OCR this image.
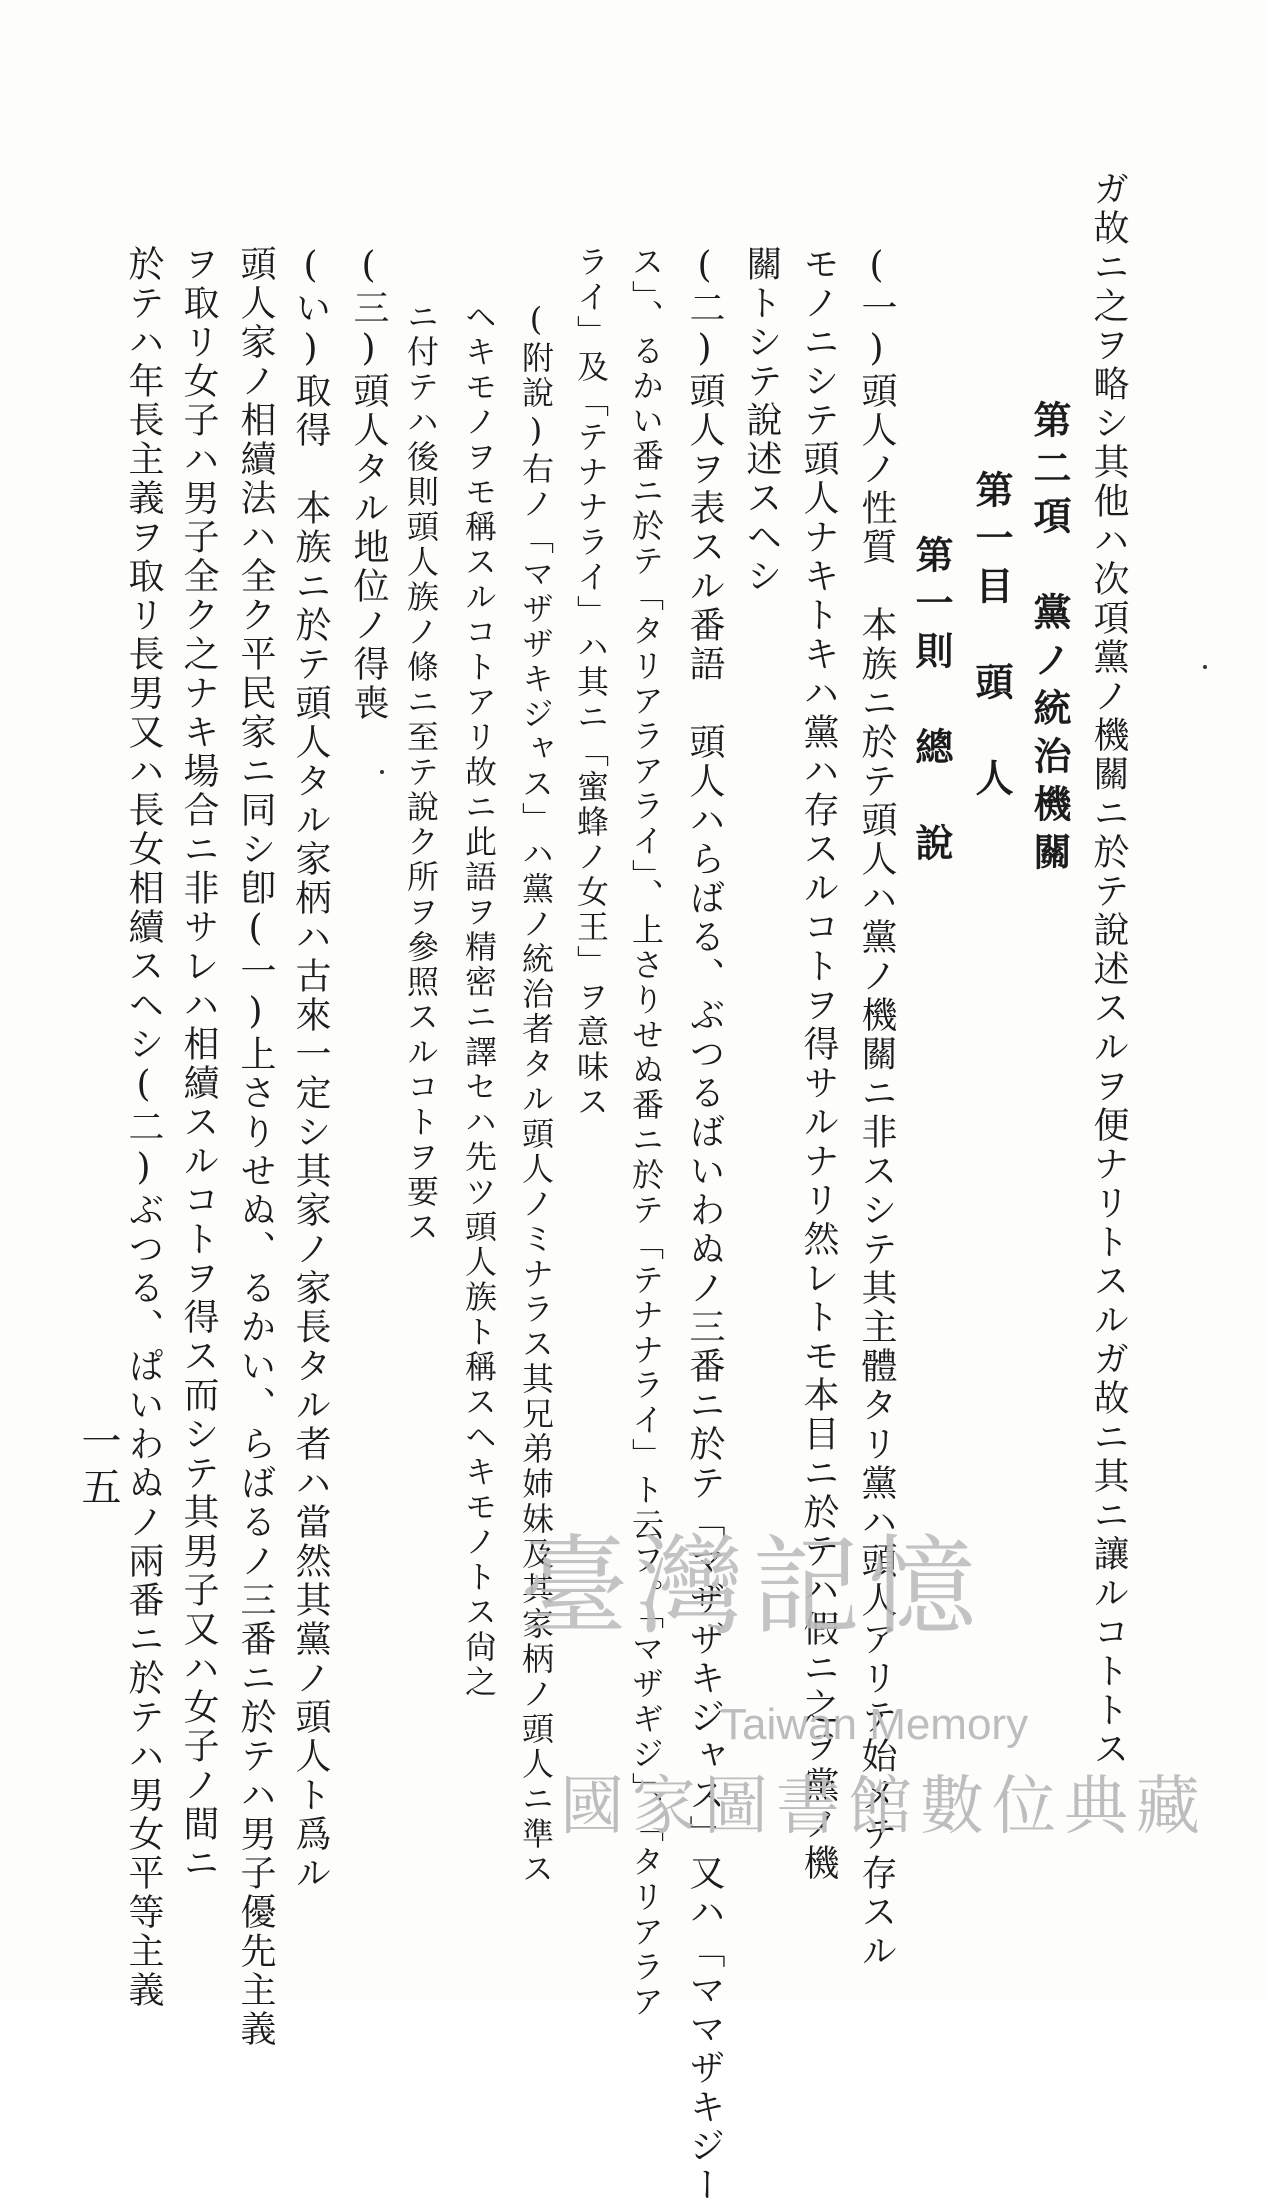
ガ故ニ之ヲ略シ其他ハ次項黨ノ機關ニ於テ說述スルヲ便ナリトスルガ故ニ其ニ讓ルコトトス
第二項　黨ノ統治機關
第一目　頭　人
第一則　總　說
(一)頭人ノ性質　本族ニ於テ頭人ハ黨ノ機關ニ非スシテ其主體タリ黨ハ頭人アリテ始メテ存スル
モノニシテ頭人ナキトキハ黨ハ存スルコトヲ得サルナリ然レトモ本目ニ於テハ假ニ之ヲ黨ノ機
關トシテ說述スヘシ
(二)頭人ヲ表スル番語　頭人ハらばる、ぶつるばいわぬノ三番ニ於テ「マザザキジャス」又ハ「ママザキジー
ス」、るかい番ニ於テ「タリアラアライ」、上さりせぬ番ニ於テ「テナナライ」ト云フ。「マザギジ」、「タリアラア
ライ」及「テナナライ」ハ其ニ「蜜蜂ノ女王」ヲ意味ス
(附說)右ノ「マザザキジャス」ハ黨ノ統治者タル頭人ノミナラス其兄弟姉妹及其家柄ノ頭人ニ準ス
ヘキモノヲモ稱スルコトアリ故ニ此語ヲ精密ニ譯セハ先ツ頭人族ト稱スヘキモノトス尙之
ニ付テハ後則頭人族ノ條ニ至テ說ク所ヲ參照スルコトヲ要ス
(三)頭人タル地位ノ得喪
(い)取得　本族ニ於テ頭人タル家柄ハ古來一定シ其家ノ家長タル者ハ當然其黨ノ頭人ト爲ル
頭人家ノ相續法ハ全ク平民家ニ同シ卽(一)上さりせぬ、るかい、らばるノ三番ニ於テハ男子優先主義
ヲ取リ女子ハ男子全ク之ナキ場合ニ非サレハ相續スルコトヲ得ス而シテ其男子又ハ女子ノ間ニ
於テハ年長主義ヲ取リ長男又ハ長女相續スヘシ(二)ぶつる、ぱいわぬノ兩番ニ於テハ男女平等主義
一五
臺灣記憶
Taiwan Memory
國家圖書館數位典藏
